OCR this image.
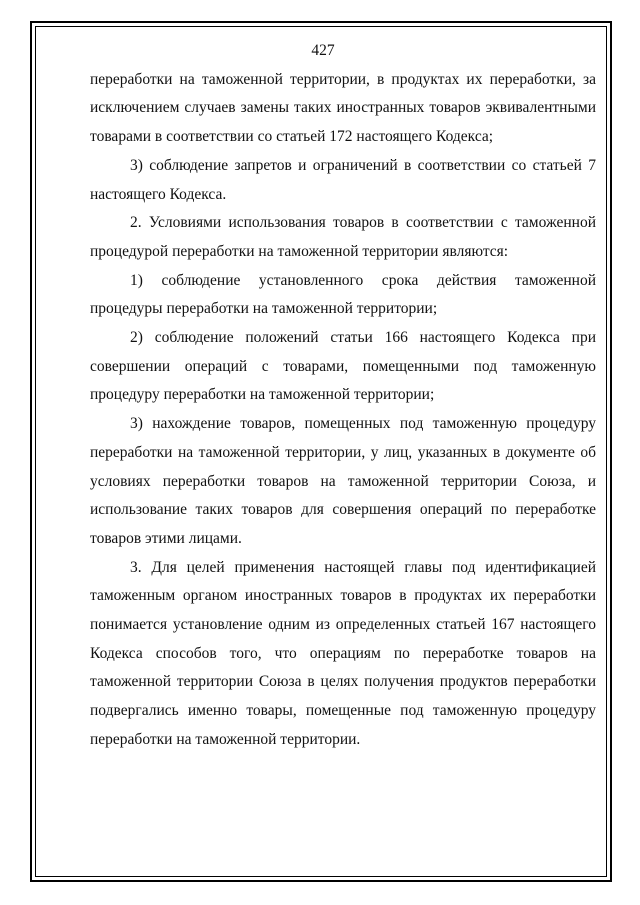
427

переработки на таможенной территории, в продуктах их переработки, за исключением случаев замены таких иностранных товаров эквивалентными товарами в соответствии со статьей 172 настоящего Кодекса;

3) соблюдение запретов и ограничений в соответствии со статьей 7 настоящего Кодекса.

2. Условиями использования товаров в соответствии с таможенной процедурой переработки на таможенной территории являются:

1) соблюдение установленного срока действия таможенной процедуры переработки на таможенной территории;

2) соблюдение положений статьи 166 настоящего Кодекса при совершении операций с товарами, помещенными под таможенную процедуру переработки на таможенной территории;

3) нахождение товаров, помещенных под таможенную процедуру переработки на таможенной территории, у лиц, указанных в документе об условиях переработки товаров на таможенной территории Союза, и использование таких товаров для совершения операций по переработке товаров этими лицами.

3. Для целей применения настоящей главы под идентификацией таможенным органом иностранных товаров в продуктах их переработки понимается установление одним из определенных статьей 167 настоящего Кодекса способов того, что операциям по переработке товаров на таможенной территории Союза в целях получения продуктов переработки подвергались именно товары, помещенные под таможенную процедуру переработки на таможенной территории.
